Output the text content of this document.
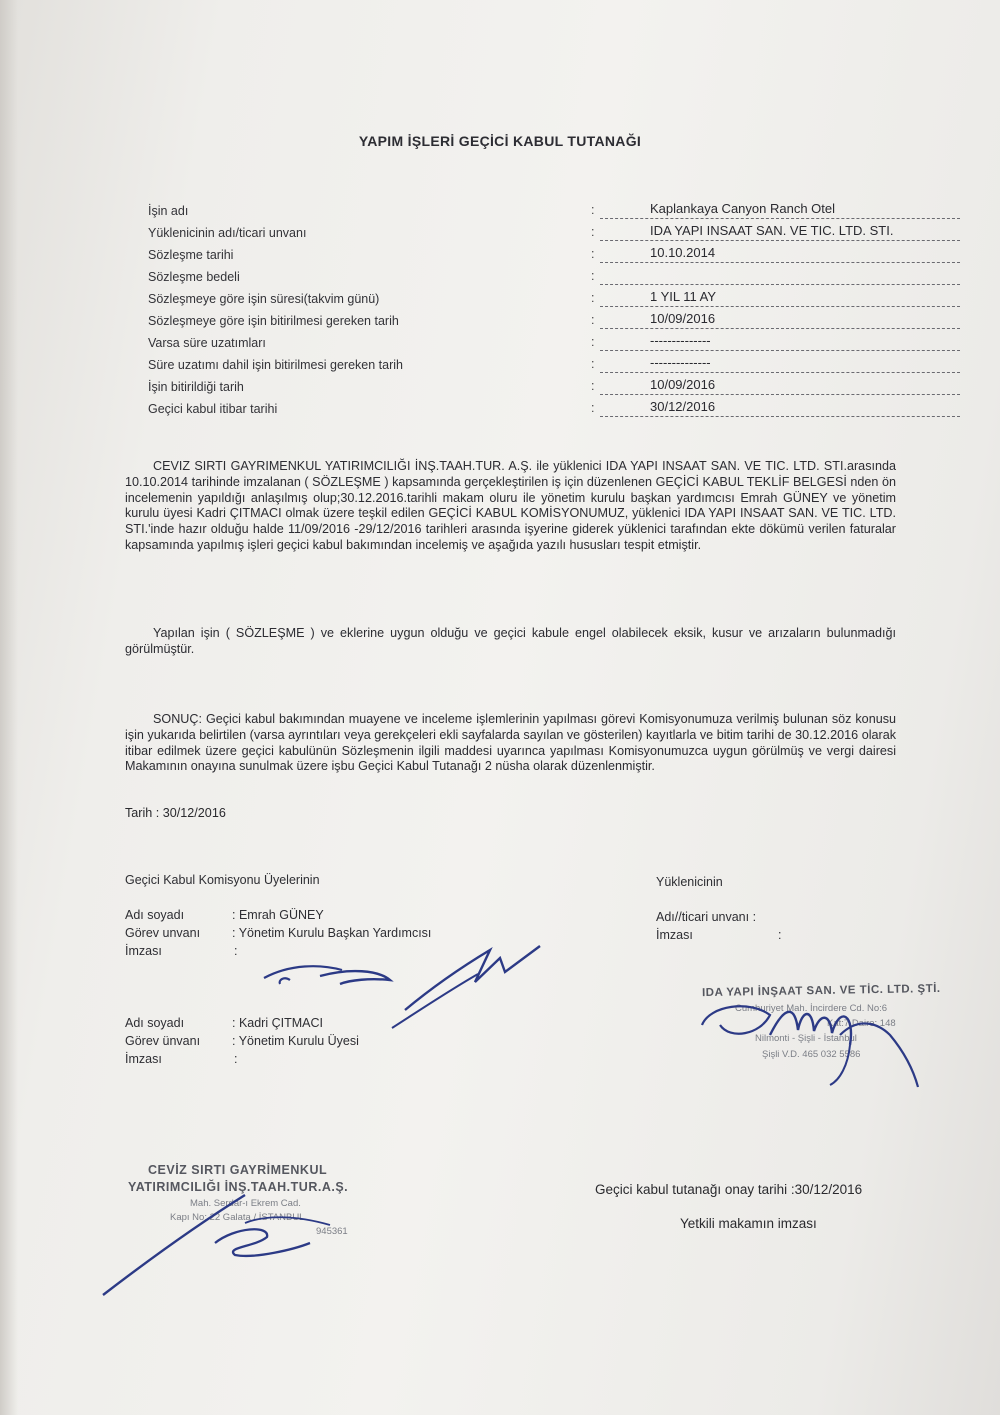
YAPIM İŞLERİ GEÇİCİ KABUL TUTANAĞI
İşin adı	:	Kaplankaya Canyon Ranch Otel
Yüklenicinin adı/ticari unvanı	:	IDA YAPI INSAAT SAN. VE TIC. LTD. STI.
Sözleşme tarihi	:	10.10.2014
Sözleşme bedeli	:
Sözleşmeye göre işin süresi(takvim günü)	:	1 YIL 11 AY
Sözleşmeye göre işin bitirilmesi gereken tarih	:	10/09/2016
Varsa süre uzatımları	:	--------------
Süre uzatımı dahil işin bitirilmesi gereken tarih	:	--------------
İşin bitirildiği tarih	:	10/09/2016
Geçici kabul itibar tarihi	:	30/12/2016
CEVIZ SIRTI GAYRIMENKUL YATIRIMCILIĞI İNŞ.TAAH.TUR. A.Ş. ile yüklenici IDA YAPI INSAAT SAN. VE TIC. LTD. STI.arasında 10.10.2014 tarihinde imzalanan ( SÖZLEŞME ) kapsamında gerçekleştirilen iş için düzenlenen GEÇİCİ KABUL TEKLİF BELGESİ nden ön incelemenin yapıldığı anlaşılmış olup;30.12.2016.tarihli makam oluru ile yönetim kurulu başkan yardımcısı Emrah GÜNEY ve yönetim kurulu üyesi Kadri ÇITMACI olmak üzere teşkil edilen GEÇİCİ KABUL KOMİSYONUMUZ, yüklenici IDA YAPI INSAAT SAN. VE TIC. LTD. STI.'inde hazır olduğu halde 11/09/2016 -29/12/2016 tarihleri arasında işyerine giderek yüklenici tarafından ekte dökümü verilen faturalar kapsamında yapılmış işleri geçici kabul bakımından incelemiş ve aşağıda yazılı hususları tespit etmiştir.
Yapılan işin ( SÖZLEŞME ) ve eklerine uygun olduğu ve geçici kabule engel olabilecek eksik, kusur ve arızaların bulunmadığı görülmüştür.
SONUÇ: Geçici kabul bakımından muayene ve inceleme işlemlerinin yapılması görevi Komisyonumuza verilmiş bulunan söz konusu işin yukarıda belirtilen (varsa ayrıntıları veya gerekçeleri ekli sayfalarda sayılan ve gösterilen) kayıtlarla ve bitim tarihi de 30.12.2016 olarak itibar edilmek üzere geçici kabulünün Sözleşmenin ilgili maddesi uyarınca yapılması Komisyonumuzca uygun görülmüş ve vergi dairesi Makamının onayına sunulmak üzere işbu Geçici Kabul Tutanağı 2 nüsha olarak düzenlenmiştir.
Tarih : 30/12/2016
Geçici Kabul Komisyonu Üyelerinin
Adı soyadı	: Emrah GÜNEY
Görev unvanı	: Yönetim Kurulu Başkan Yardımcısı
İmzası	:
Adı soyadı	: Kadri ÇITMACI
Görev ünvanı	: Yönetim Kurulu Üyesi
İmzası	:
Yüklenicinin
Adı//ticari unvanı :
İmzası	:
IDA YAPI İNŞAAT SAN. VE TİC. LTD. ŞTİ.
Cumhuriyet Mah. İncirdere Cd. No:6
Kat:7 Daire: 148
Nilmonti - Şişli - İstanbul
Şişli V.D. 465 032 5586
CEVİZ SIRTI GAYRİMENKUL
YATIRIMCILIĞI İNŞ.TAAH.TUR.A.Ş.
Mah. Serdar-ı Ekrem Cad.
Kapı No: 22 Galata / İSTANBUL
945361
Geçici kabul tutanağı onay tarihi :30/12/2016
Yetkili makamın imzası
